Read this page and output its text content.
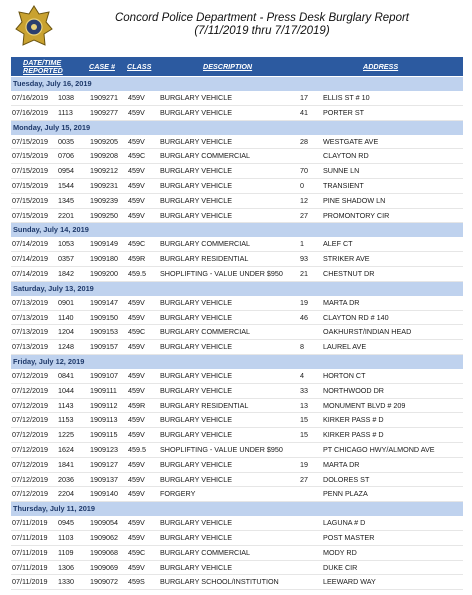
Concord Police Department - Press Desk Burglary Report
(7/11/2019 thru 7/17/2019)
DATE/TIME REPORTED	CASE # CLASS	DESCRIPTION	ADDRESS
Tuesday, July 16, 2019
07/16/2019 1038 1909271 459V BURGLARY VEHICLE	17 ELLIS ST # 10
07/16/2019 1113 1909277 459V BURGLARY VEHICLE	41 PORTER ST
Monday, July 15, 2019
07/15/2019 0035 1909205 459V BURGLARY VEHICLE	28 WESTGATE AVE
07/15/2019 0706 1909208 459C BURGLARY COMMERCIAL	CLAYTON RD
07/15/2019 0954 1909212 459V BURGLARY VEHICLE	70 SUNNE LN
07/15/2019 1544 1909231 459V BURGLARY VEHICLE	0	TRANSIENT
07/15/2019 1345 1909239 459V BURGLARY VEHICLE	12 PINE SHADOW LN
07/15/2019 2201 1909250 459V BURGLARY VEHICLE	27 PROMONTORY CIR
Sunday, July 14, 2019
07/14/2019 1053 1909149 459C BURGLARY COMMERCIAL	1	ALEF CT
07/14/2019 0357 1909180 459R BURGLARY RESIDENTIAL	93 STRIKER AVE
07/14/2019 1842 1909200 459.5 SHOPLIFTING - VALUE UNDER $950 21 CHESTNUT DR
Saturday, July 13, 2019
07/13/2019 0901 1909147 459V BURGLARY VEHICLE	19 MARTA DR
07/13/2019 1140 1909150 459V BURGLARY VEHICLE	46 CLAYTON RD # 140
07/13/2019 1204 1909153 459C BURGLARY COMMERCIAL	OAKHURST/INDIAN HEAD
07/13/2019 1248 1909157 459V BURGLARY VEHICLE	8	LAUREL AVE
Friday, July 12, 2019
07/12/2019 0841 1909107 459V BURGLARY VEHICLE	4	HORTON CT
07/12/2019 1044 1909111 459V BURGLARY VEHICLE	33 NORTHWOOD DR
07/12/2019 1143 1909112 459R BURGLARY RESIDENTIAL	13 MONUMENT BLVD # 209
07/12/2019 1153 1909113 459V BURGLARY VEHICLE	15 KIRKER PASS # D
07/12/2019 1225 1909115 459V BURGLARY VEHICLE	15 KIRKER PASS # D
07/12/2019 1624 1909123 459.5 SHOPLIFTING - VALUE UNDER $950	PT CHICAGO HWY/ALMOND AVE
07/12/2019 1841 1909127 459V BURGLARY VEHICLE	19 MARTA DR
07/12/2019 2036 1909137 459V BURGLARY VEHICLE	27 DOLORES ST
07/12/2019 2204 1909140 459V FORGERY	PENN PLAZA
Thursday, July 11, 2019
07/11/2019 0945 1909054 459V BURGLARY VEHICLE	LAGUNA # D
07/11/2019 1103 1909062 459V BURGLARY VEHICLE	POST MASTER
07/11/2019 1109 1909068 459C BURGLARY COMMERCIAL	MODY RD
07/11/2019 1306 1909069 459V BURGLARY VEHICLE	DUKE CIR
07/11/2019 1330 1909072 459S BURGLARY SCHOOL/INSTITUTION	LEEWARD WAY
